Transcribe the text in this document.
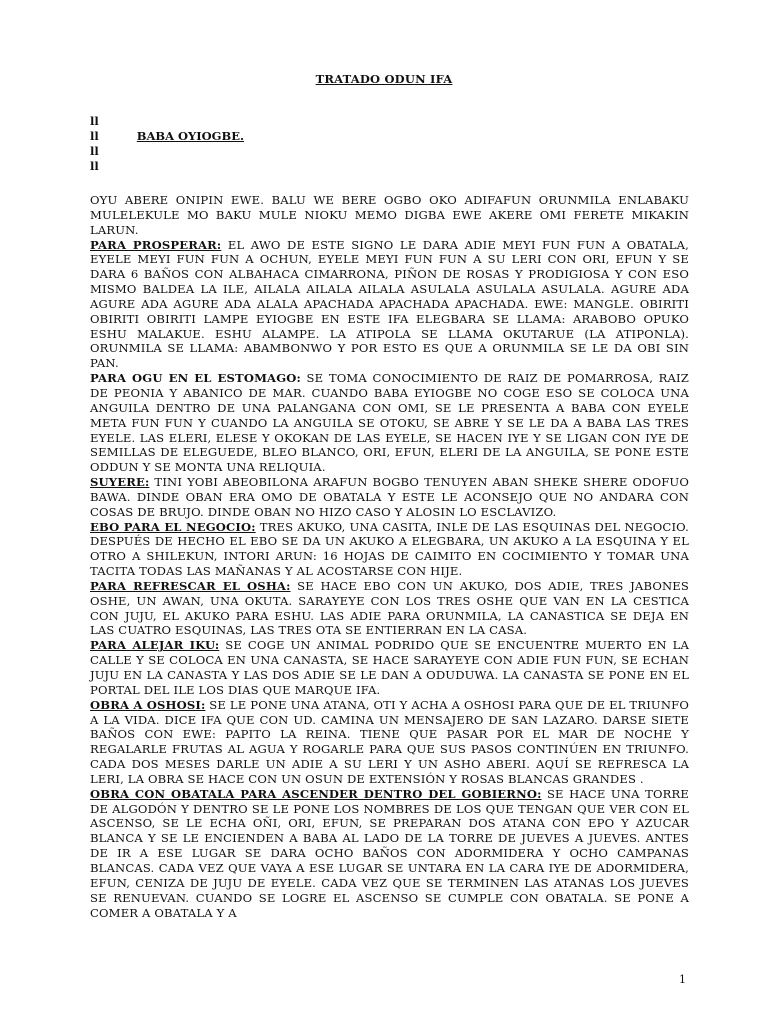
TRATADO ODUN IFA
ll
ll	BABA OYIOGBE.
ll
ll

OYU ABERE ONIPIN EWE. BALU WE BERE OGBO OKO ADIFAFUN ORUNMILA ENLABAKU MULELEKULE MO BAKU MULE NIOKU MEMO DIGBA EWE AKERE OMI FERETE MIKAKIN LARUN.

PARA PROSPERAR: EL AWO DE ESTE SIGNO LE DARA ADIE MEYI FUN FUN A OBATALA, EYELE MEYI FUN FUN A OCHUN, EYELE MEYI FUN FUN A SU LERI CON ORI, EFUN Y SE DARA 6 BAÑOS CON ALBAHACA CIMARRONA, PIÑON DE ROSAS Y PRODIGIOSA Y CON ESO MISMO BALDEA LA ILE, AILALA AILALA AILALA ASULALA ASULALA ASULALA. AGURE ADA AGURE ADA AGURE ADA ALALA APACHADA APACHADA APACHADA. EWE: MANGLE. OBIRITI OBIRITI OBIRITI LAMPE EYIOGBE EN ESTE IFA ELEGBARA SE LLAMA: ARABOBO OPUKO ESHU MALAKUE. ESHU ALAMPE. LA ATIPOLA SE LLAMA OKUTARUE (LA ATIPONLA). ORUNMILA SE LLAMA: ABAMBONWO Y POR ESTO ES QUE A ORUNMILA SE LE DA OBI SIN PAN.

PARA OGU EN EL ESTOMAGO: SE TOMA CONOCIMIENTO DE RAIZ DE POMARROSA, RAIZ DE PEONIA Y ABANICO DE MAR. CUANDO BABA EYIOGBE NO COGE ESO SE COLOCA UNA ANGUILA DENTRO DE UNA PALANGANA CON OMI, SE LE PRESENTA A BABA CON EYELE META FUN FUN Y CUANDO LA ANGUILA SE OTOKU, SE ABRE Y SE LE DA A BABA LAS TRES EYELE. LAS ELERI, ELESE Y OKOKAN DE LAS EYELE, SE HACEN IYE Y SE LIGAN CON IYE DE SEMILLAS DE ELEGUEDE, BLEO BLANCO, ORI, EFUN, ELERI DE LA ANGUILA, SE PONE ESTE ODDUN Y SE MONTA UNA RELIQUIA.

SUYERE: TINI YOBI ABEOBILONA ARAFUN BOGBO TENUYEN ABAN SHEKE SHERE ODOFUO BAWA. DINDE OBAN ERA OMO DE OBATALA Y ESTE LE ACONSEJO QUE NO ANDARA CON COSAS DE BRUJO. DINDE OBAN NO HIZO CASO Y ALOSIN LO ESCLAVIZO.

EBO PARA EL NEGOCIO: TRES AKUKO, UNA CASITA, INLE DE LAS ESQUINAS DEL NEGOCIO. DESPUÉS DE HECHO EL EBO SE DA UN AKUKO A ELEGBARA, UN AKUKO A LA ESQUINA Y EL OTRO A SHILEKUN, INTORI ARUN: 16 HOJAS DE CAIMITO EN COCIMIENTO Y TOMAR UNA TACITA TODAS LAS MAÑANAS Y AL ACOSTARSE CON HIJE.

PARA REFRESCAR EL OSHA: SE HACE EBO CON UN AKUKO, DOS ADIE, TRES JABONES OSHE, UN AWAN, UNA OKUTA. SARAYEYE CON LOS TRES OSHE QUE VAN EN LA CESTICA CON JUJU, EL AKUKO PARA ESHU. LAS ADIE PARA ORUNMILA, LA CANASTICA SE DEJA EN LAS CUATRO ESQUINAS, LAS TRES OTA SE ENTIERRAN EN LA CASA.

PARA ALEJAR IKU: SE COGE UN ANIMAL PODRIDO QUE SE ENCUENTRE MUERTO EN LA CALLE Y SE COLOCA EN UNA CANASTA, SE HACE SARAYEYE CON ADIE FUN FUN, SE ECHAN JUJU EN LA CANASTA Y LAS DOS ADIE SE LE DAN A ODUDUWA. LA CANASTA SE PONE EN EL PORTAL DEL ILE LOS DIAS QUE MARQUE IFA.

OBRA A OSHOSI: SE LE PONE UNA ATANA, OTI Y ACHA A OSHOSI PARA QUE DE EL TRIUNFO A LA VIDA. DICE IFA QUE CON UD. CAMINA UN MENSAJERO DE SAN LAZARO. DARSE SIETE BAÑOS CON EWE: PAPITO LA REINA. TIENE QUE PASAR POR EL MAR DE NOCHE Y REGALARLE FRUTAS AL AGUA Y ROGARLE PARA QUE SUS PASOS CONTINÚEN EN TRIUNFO. CADA DOS MESES DARLE UN ADIE A SU LERI Y UN ASHO ABERI. AQUÍ SE REFRESCA LA LERI, LA OBRA SE HACE CON UN OSUN DE EXTENSIÓN Y ROSAS BLANCAS GRANDES .

OBRA CON OBATALA PARA ASCENDER DENTRO DEL GOBIERNO: SE HACE UNA TORRE DE ALGODÓN Y DENTRO SE LE PONE LOS NOMBRES DE LOS QUE TENGAN QUE VER CON EL ASCENSO, SE LE ECHA OÑI, ORI, EFUN, SE PREPARAN DOS ATANA CON EPO Y AZUCAR BLANCA Y SE LE ENCIENDEN A BABA AL LADO DE LA TORRE DE JUEVES A JUEVES. ANTES DE IR A ESE LUGAR SE DARA OCHO BAÑOS CON ADORMIDERA Y OCHO CAMPANAS BLANCAS. CADA VEZ QUE VAYA A ESE LUGAR SE UNTARA EN LA CARA IYE DE ADORMIDERA, EFUN, CENIZA DE JUJU DE EYELE. CADA VEZ QUE SE TERMINEN LAS ATANAS LOS JUEVES SE RENUEVAN. CUANDO SE LOGRE EL ASCENSO SE CUMPLE CON OBATALA. SE PONE A COMER A OBATALA Y A

1
